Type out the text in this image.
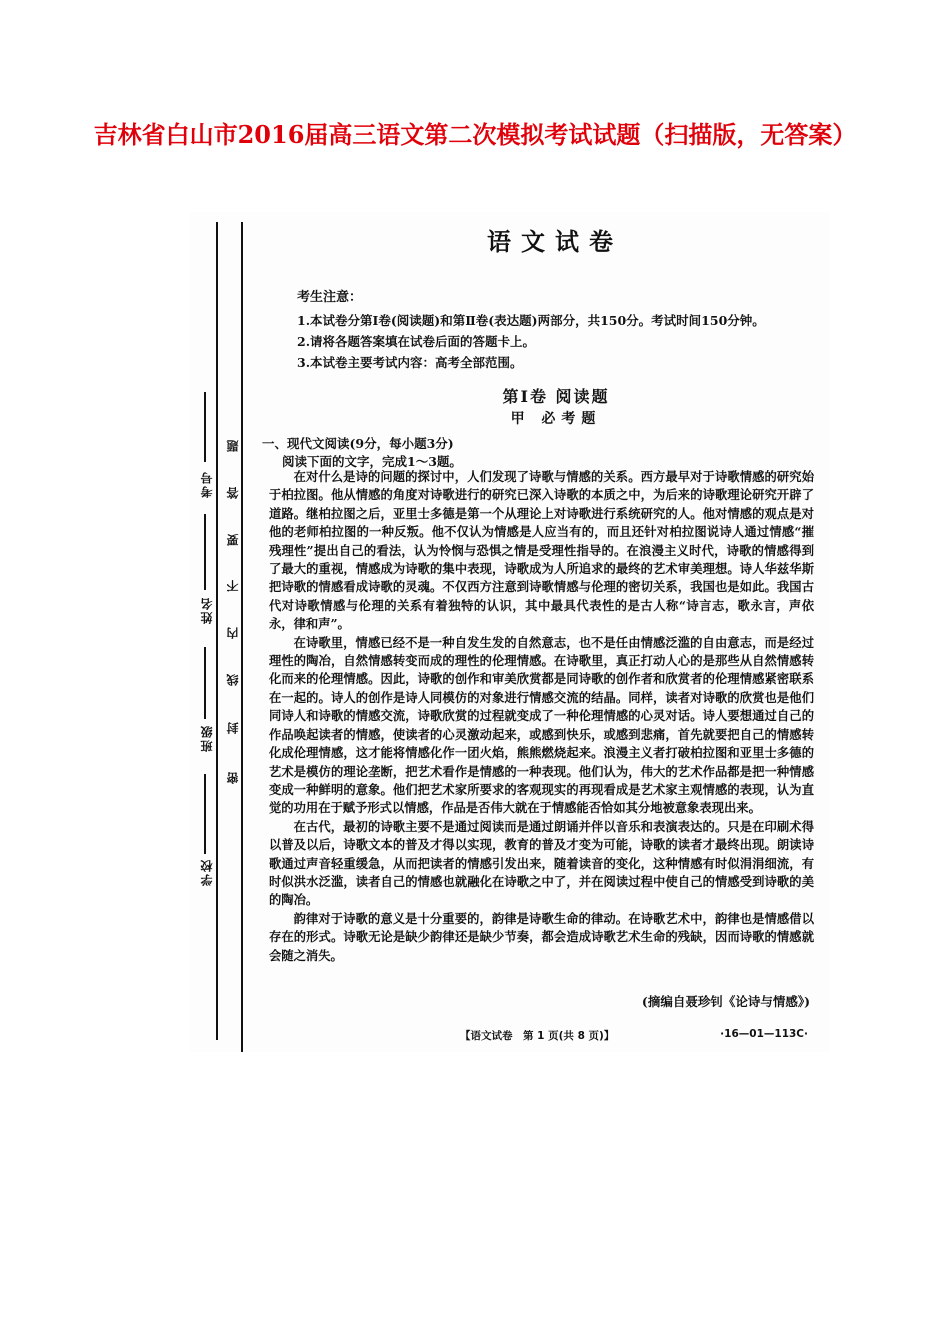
吉林省白山市2016届高三语文第二次模拟考试试题（扫描版，无答案）
考号
姓名
班级
学校
密
封
线
内
不
要
答
题
语文试卷
考生注意：
1.本试卷分第Ⅰ卷(阅读题)和第Ⅱ卷(表达题)两部分，共150分。考试时间150分钟。
2.请将各题答案填在试卷后面的答题卡上。
3.本试卷主要考试内容：高考全部范围。
第Ⅰ卷 阅读题
甲 必考题
一、现代文阅读(9分，每小题3分)
阅读下面的文字，完成1～3题。

在对什么是诗的问题的探讨中，人们发现了诗歌与情感的关系。西方最早对于诗歌情感的研究始于柏拉图。他从情感的角度对诗歌进行的研究已深入诗歌的本质之中，为后来的诗歌理论研究开辟了道路。继柏拉图之后，亚里士多德是第一个从理论上对诗歌进行系统研究的人。他对情感的观点是对他的老师柏拉图的一种反叛。他不仅认为情感是人应当有的，而且还针对柏拉图说诗人通过情感“摧残理性”提出自己的看法，认为怜悯与恐惧之情是受理性指导的。在浪漫主义时代，诗歌的情感得到了最大的重视，情感成为诗歌的集中表现，诗歌成为人所追求的最终的艺术审美理想。诗人华兹华斯把诗歌的情感看成诗歌的灵魂。不仅西方注意到诗歌情感与伦理的密切关系，我国也是如此。我国古代对诗歌情感与伦理的关系有着独特的认识，其中最具代表性的是古人称“诗言志，歌永言，声依永，律和声”。

在诗歌里，情感已经不是一种自发生发的自然意志，也不是任由情感泛滥的自由意志，而是经过理性的陶冶，自然情感转变而成的理性的伦理情感。在诗歌里，真正打动人心的是那些从自然情感转化而来的伦理情感。因此，诗歌的创作和审美欣赏都是同诗歌的创作者和欣赏者的伦理情感紧密联系在一起的。诗人的创作是诗人同模仿的对象进行情感交流的结晶。同样，读者对诗歌的欣赏也是他们同诗人和诗歌的情感交流，诗歌欣赏的过程就变成了一种伦理情感的心灵对话。诗人要想通过自己的作品唤起读者的情感，使读者的心灵激动起来，或感到快乐，或感到悲痛，首先就要把自己的情感转化成伦理情感，这才能将情感化作一团火焰，熊熊燃烧起来。浪漫主义者打破柏拉图和亚里士多德的艺术是模仿的理论垄断，把艺术看作是情感的一种表现。他们认为，伟大的艺术作品都是把一种情感变成一种鲜明的意象。他们把艺术家所要求的客观现实的再现看成是艺术家主观情感的表现，认为直觉的功用在于赋予形式以情感，作品是否伟大就在于情感能否恰如其分地被意象表现出来。

在古代，最初的诗歌主要不是通过阅读而是通过朗诵并伴以音乐和表演表达的。只是在印刷术得以普及以后，诗歌文本的普及才得以实现，教育的普及才变为可能，诗歌的读者才最终出现。朗读诗歌通过声音轻重缓急，从而把读者的情感引发出来，随着读音的变化，这种情感有时似涓涓细流，有时似洪水泛滥，读者自己的情感也就融化在诗歌之中了，并在阅读过程中使自己的情感受到诗歌的美的陶冶。

韵律对于诗歌的意义是十分重要的，韵律是诗歌生命的律动。在诗歌艺术中，韵律也是情感借以存在的形式。诗歌无论是缺少韵律还是缺少节奏，都会造成诗歌艺术生命的残缺，因而诗歌的情感就会随之消失。

(摘编自聂珍钊《论诗与情感》)
【语文试卷　第 1 页(共 8 页)】	·16—01—113C·
